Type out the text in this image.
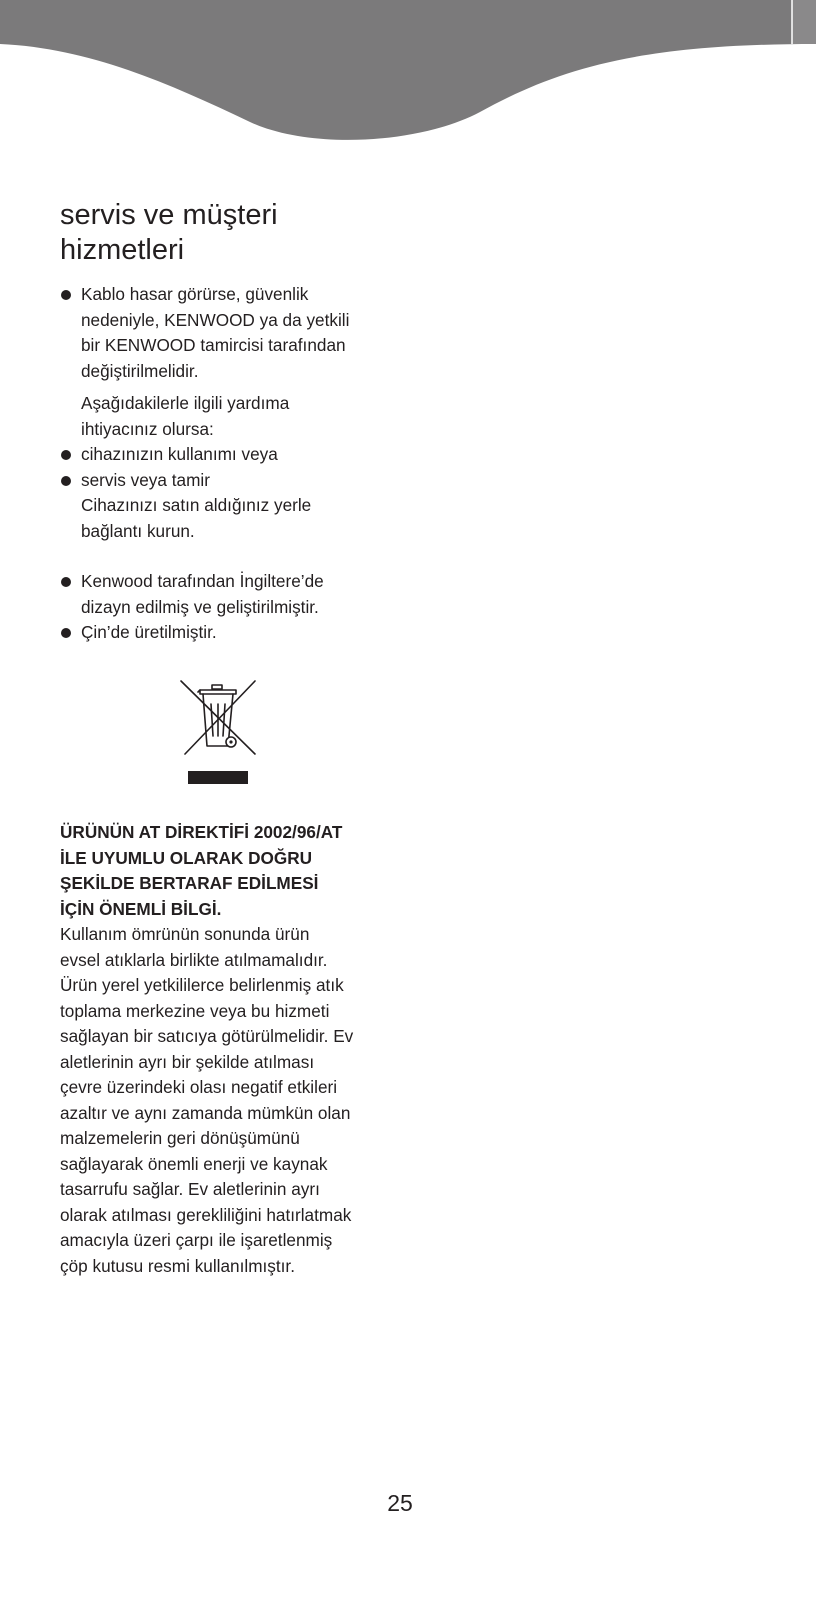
servis ve müşteri
hizmetleri
Kablo hasar görürse, güvenlik
nedeniyle, KENWOOD ya da yetkili
bir KENWOOD tamircisi tarafından
değiştirilmelidir.
Aşağıdakilerle ilgili yardıma
ihtiyacınız olursa:
cihazınızın kullanımı veya
servis veya tamir
Cihazınızı satın aldığınız yerle
bağlantı kurun.
Kenwood tarafından İngiltere’de
dizayn edilmiş ve geliştirilmiştir.
Çin’de üretilmiştir.
ÜRÜNÜN AT DİREKTİFİ 2002/96/AT
İLE UYUMLU OLARAK DOĞRU
ŞEKİLDE BERTARAF EDİLMESİ
İÇİN ÖNEMLİ BİLGİ.

Kullanım ömrünün sonunda ürün
evsel atıklarla birlikte atılmamalıdır.
Ürün yerel yetkililerce belirlenmiş atık
toplama merkezine veya bu hizmeti
sağlayan bir satıcıya götürülmelidir. Ev
aletlerinin ayrı bir şekilde atılması
çevre üzerindeki olası negatif etkileri
azaltır ve aynı zamanda mümkün olan
malzemelerin geri dönüşümünü
sağlayarak önemli enerji ve kaynak
tasarrufu sağlar. Ev aletlerinin ayrı
olarak atılması gerekliliğini hatırlatmak
amacıyla üzeri çarpı ile işaretlenmiş
çöp kutusu resmi kullanılmıştır.

25
